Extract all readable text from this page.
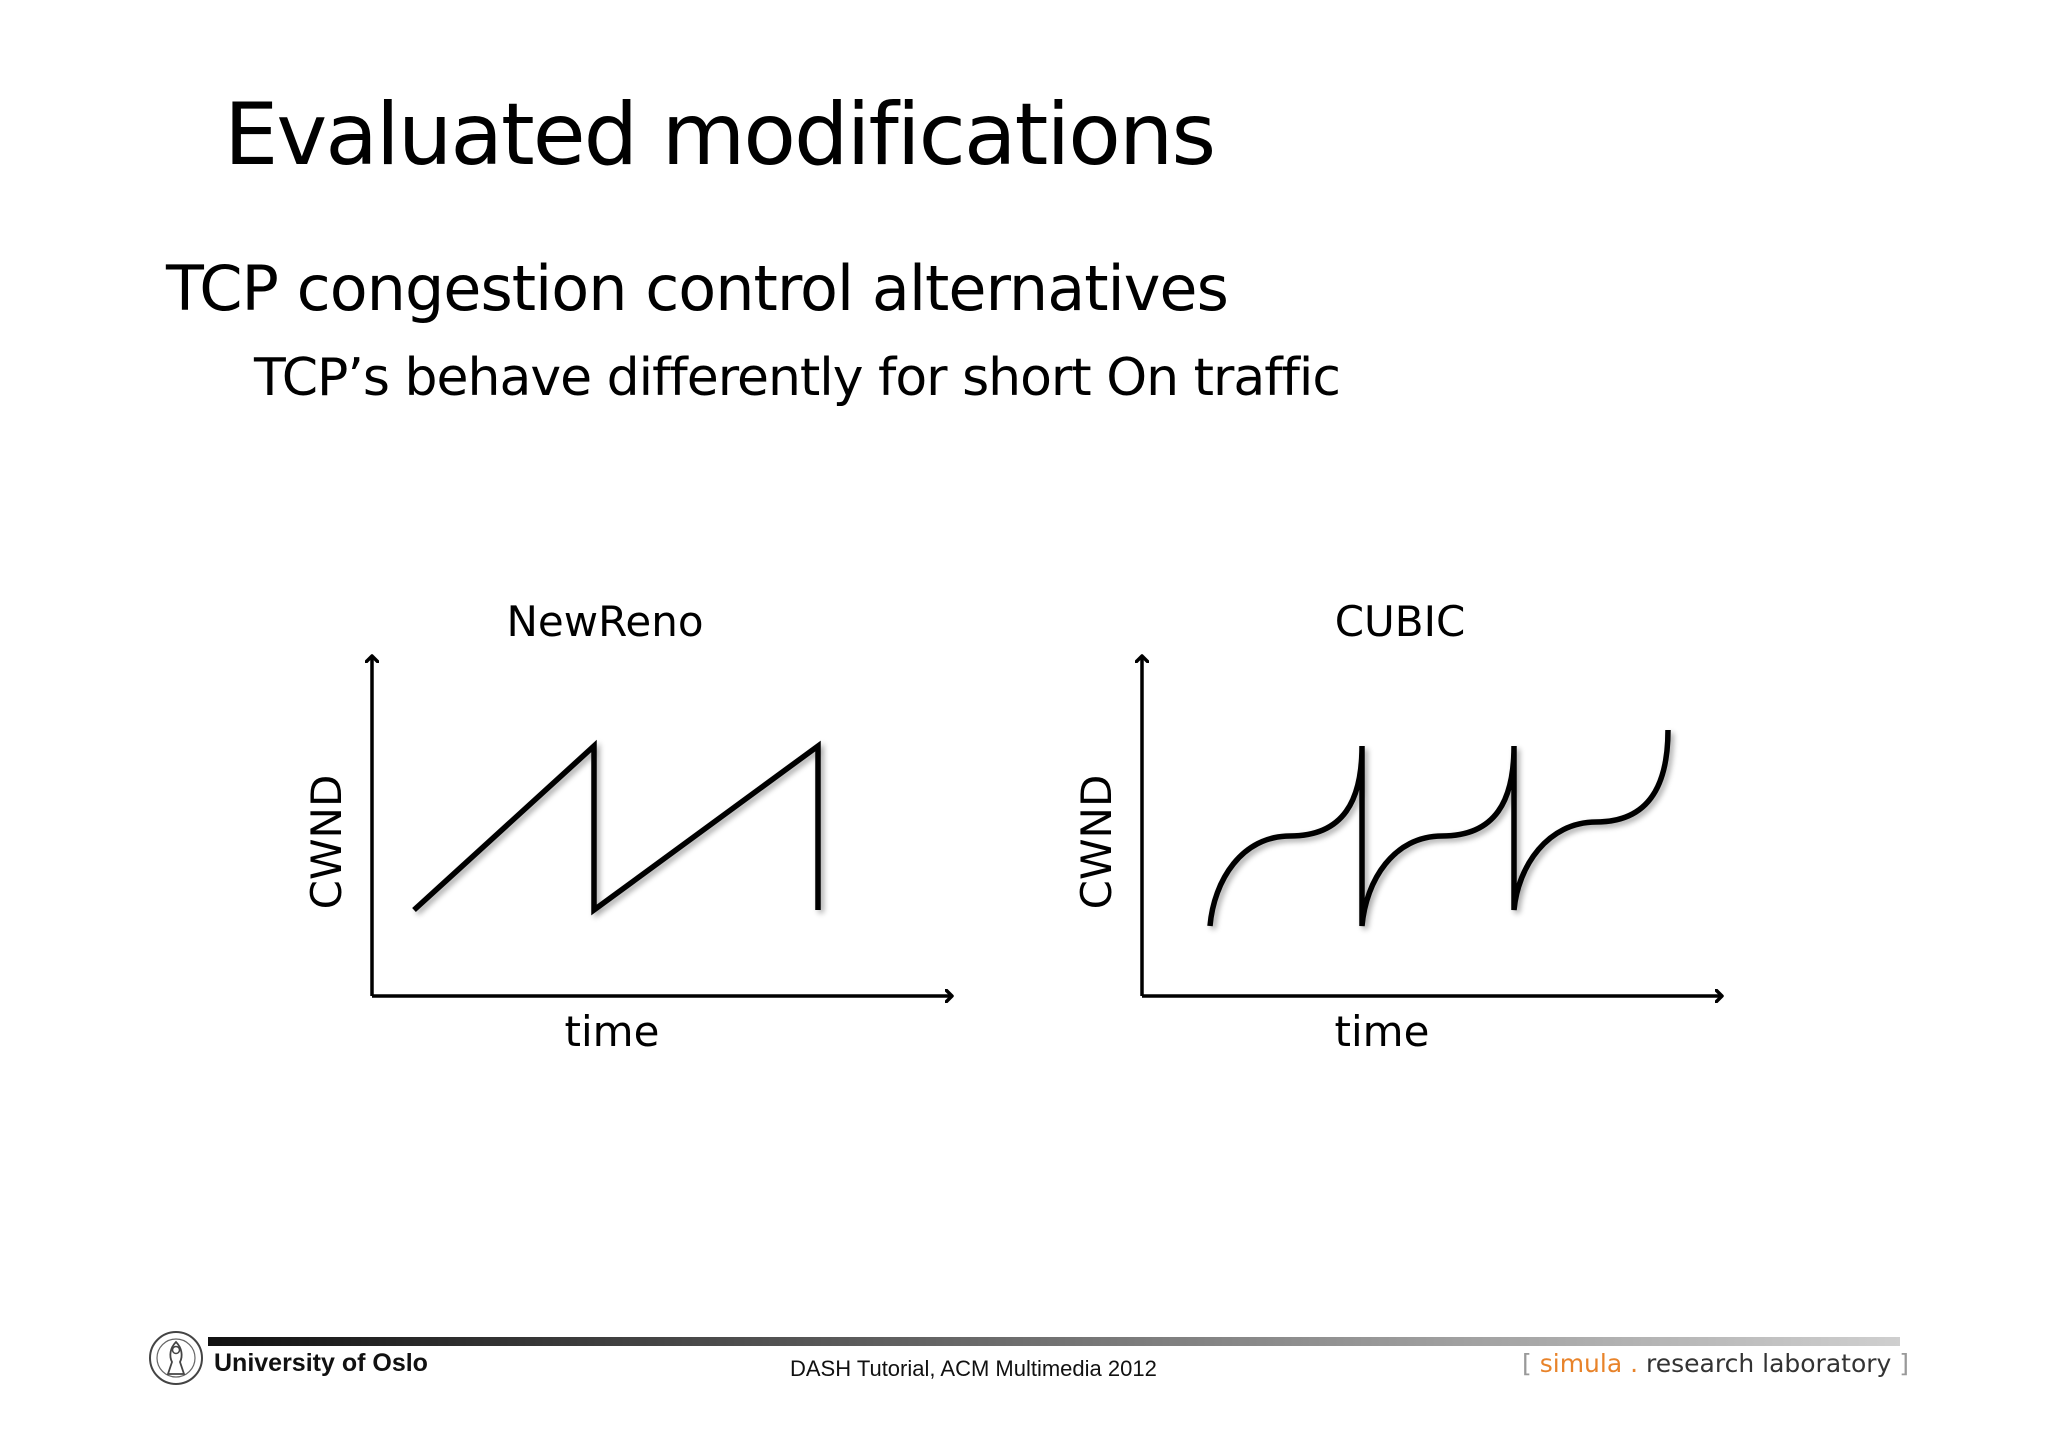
Evaluated modifications
TCP congestion control alternatives
TCP’s behave differently for short On traffic
NewReno
CWND
time
CUBIC
CWND
time
University of Oslo	DASH Tutorial, ACM Multimedia 2012	[ simula . research laboratory ]
